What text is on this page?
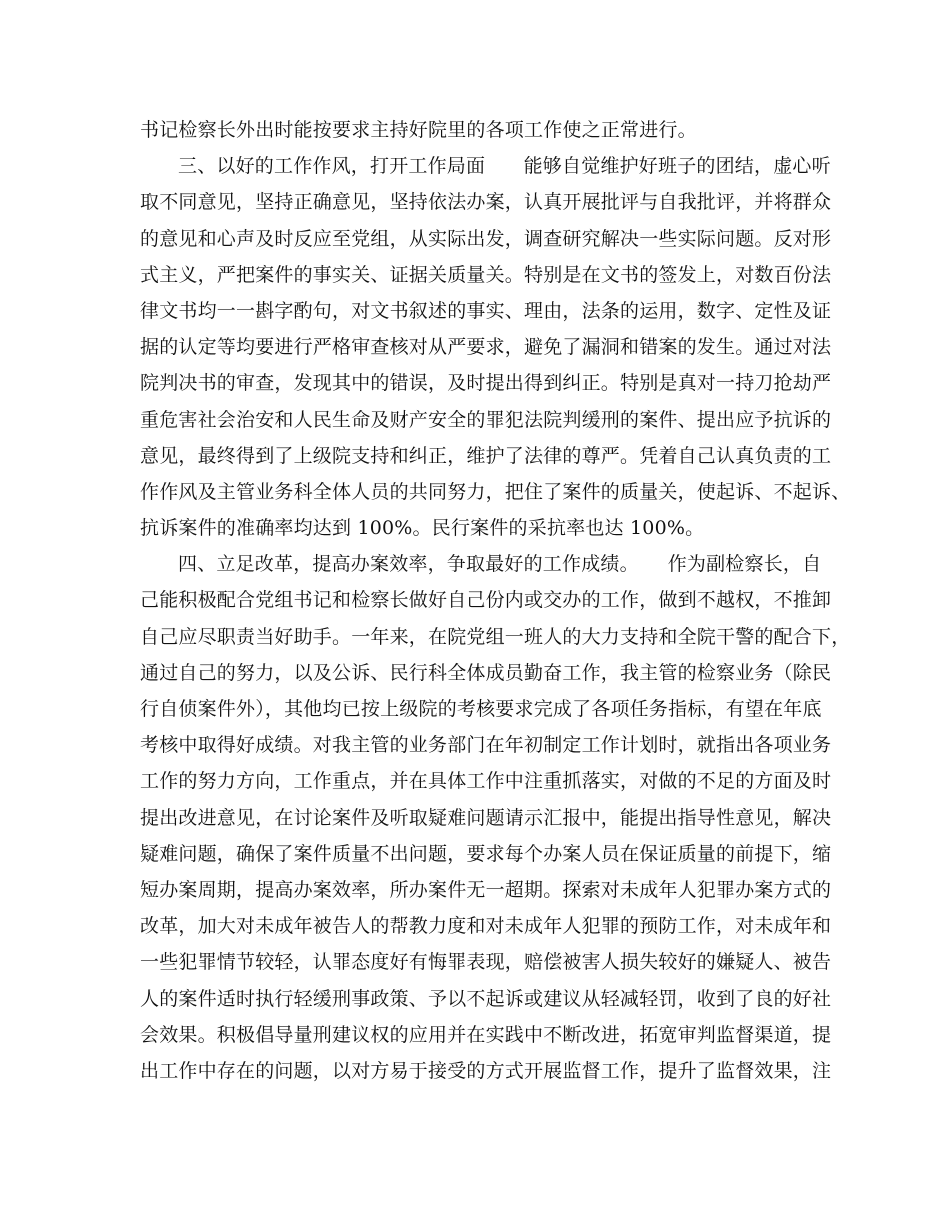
书记检察长外出时能按要求主持好院里的各项工作使之正常进行。
三、以好的工作作风，打开工作局面　　能够自觉维护好班子的团结，虚心听
取不同意见，坚持正确意见，坚持依法办案，认真开展批评与自我批评，并将群众
的意见和心声及时反应至党组，从实际出发，调查研究解决一些实际问题。反对形
式主义，严把案件的事实关、证据关质量关。特别是在文书的签发上，对数百份法
律文书均一一斟字酌句，对文书叙述的事实、理由，法条的运用，数字、定性及证
据的认定等均要进行严格审查核对从严要求，避免了漏洞和错案的发生。通过对法
院判决书的审查，发现其中的错误，及时提出得到纠正。特别是真对一持刀抢劫严
重危害社会治安和人民生命及财产安全的罪犯法院判缓刑的案件、提出应予抗诉的
意见，最终得到了上级院支持和纠正，维护了法律的尊严。凭着自己认真负责的工
作作风及主管业务科全体人员的共同努力，把住了案件的质量关，使起诉、不起诉、
抗诉案件的准确率均达到 100%。民行案件的采抗率也达 100%。
四、立足改革，提高办案效率，争取最好的工作成绩。　　作为副检察长，自
己能积极配合党组书记和检察长做好自己份内或交办的工作，做到不越权，不推卸
自己应尽职责当好助手。一年来，在院党组一班人的大力支持和全院干警的配合下，
通过自己的努力，以及公诉、民行科全体成员勤奋工作，我主管的检察业务（除民
行自侦案件外），其他均已按上级院的考核要求完成了各项任务指标，有望在年底
考核中取得好成绩。对我主管的业务部门在年初制定工作计划时，就指出各项业务
工作的努力方向，工作重点，并在具体工作中注重抓落实，对做的不足的方面及时
提出改进意见，在讨论案件及听取疑难问题请示汇报中，能提出指导性意见，解决
疑难问题，确保了案件质量不出问题，要求每个办案人员在保证质量的前提下，缩
短办案周期，提高办案效率，所办案件无一超期。探索对未成年人犯罪办案方式的
改革，加大对未成年被告人的帮教力度和对未成年人犯罪的预防工作，对未成年和
一些犯罪情节较轻，认罪态度好有悔罪表现，赔偿被害人损失较好的嫌疑人、被告
人的案件适时执行轻缓刑事政策、予以不起诉或建议从轻减轻罚，收到了良的好社
会效果。积极倡导量刑建议权的应用并在实践中不断改进，拓宽审判监督渠道，提
出工作中存在的问题，以对方易于接受的方式开展监督工作，提升了监督效果，注
